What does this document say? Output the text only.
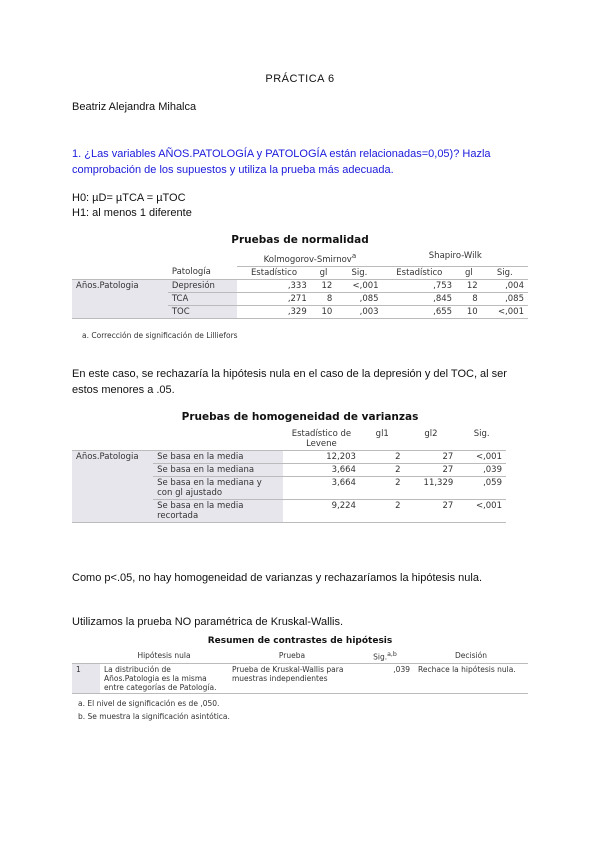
PRÁCTICA 6
Beatriz Alejandra Mihalca
1. ¿Las variables AÑOS.PATOLOGÍA y PATOLOGÍA están relacionadas=0,05)? Hazla comprobación de los supuestos y utiliza la prueba más adecuada.
H0: µD= µTCA = µTOC
H1: al menos 1 diferente
Pruebas de normalidad
		Kolmogorov-Smirnov$^a$			Shapiro-Wilk		
	Patología	Estadístico	gl	Sig.	Estadístico	gl	Sig.
Años.Patologia	Depresión	,333	12	<,001	,753	12	,004
	TCA	,271	8	,085	,845	8	,085
	TOC	,329	10	,003	,655	10	<,001
a. Corrección de significación de Lilliefors
En este caso, se rechazaría la hipótesis nula en el caso de la depresión y del TOC, al ser estos menores a .05.
Pruebas de homogeneidad de varianzas
		Estadístico de Levene	gl1	gl2	Sig.
Años.Patologia	Se basa en la media	12,203	2	27	<,001
	Se basa en la mediana	3,664	2	27	,039
	Se basa en la mediana y con gl ajustado	3,664	2	11,329	,059
	Se basa en la media recortada	9,224	2	27	<,001
Como p<.05, no hay homogeneidad de varianzas y rechazaríamos la hipótesis nula.
Utilizamos la prueba NO paramétrica de Kruskal-Wallis.
Resumen de contrastes de hipótesis
	Hipótesis nula	Prueba	Sig.$^{a,b}$	Decisión
1	La distribución de Años.Patologia es la misma entre categorías de Patología.	Prueba de Kruskal-Wallis para muestras independientes	,039	Rechace la hipótesis nula.
a. El nivel de significación es de ,050.
b. Se muestra la significación asintótica.
